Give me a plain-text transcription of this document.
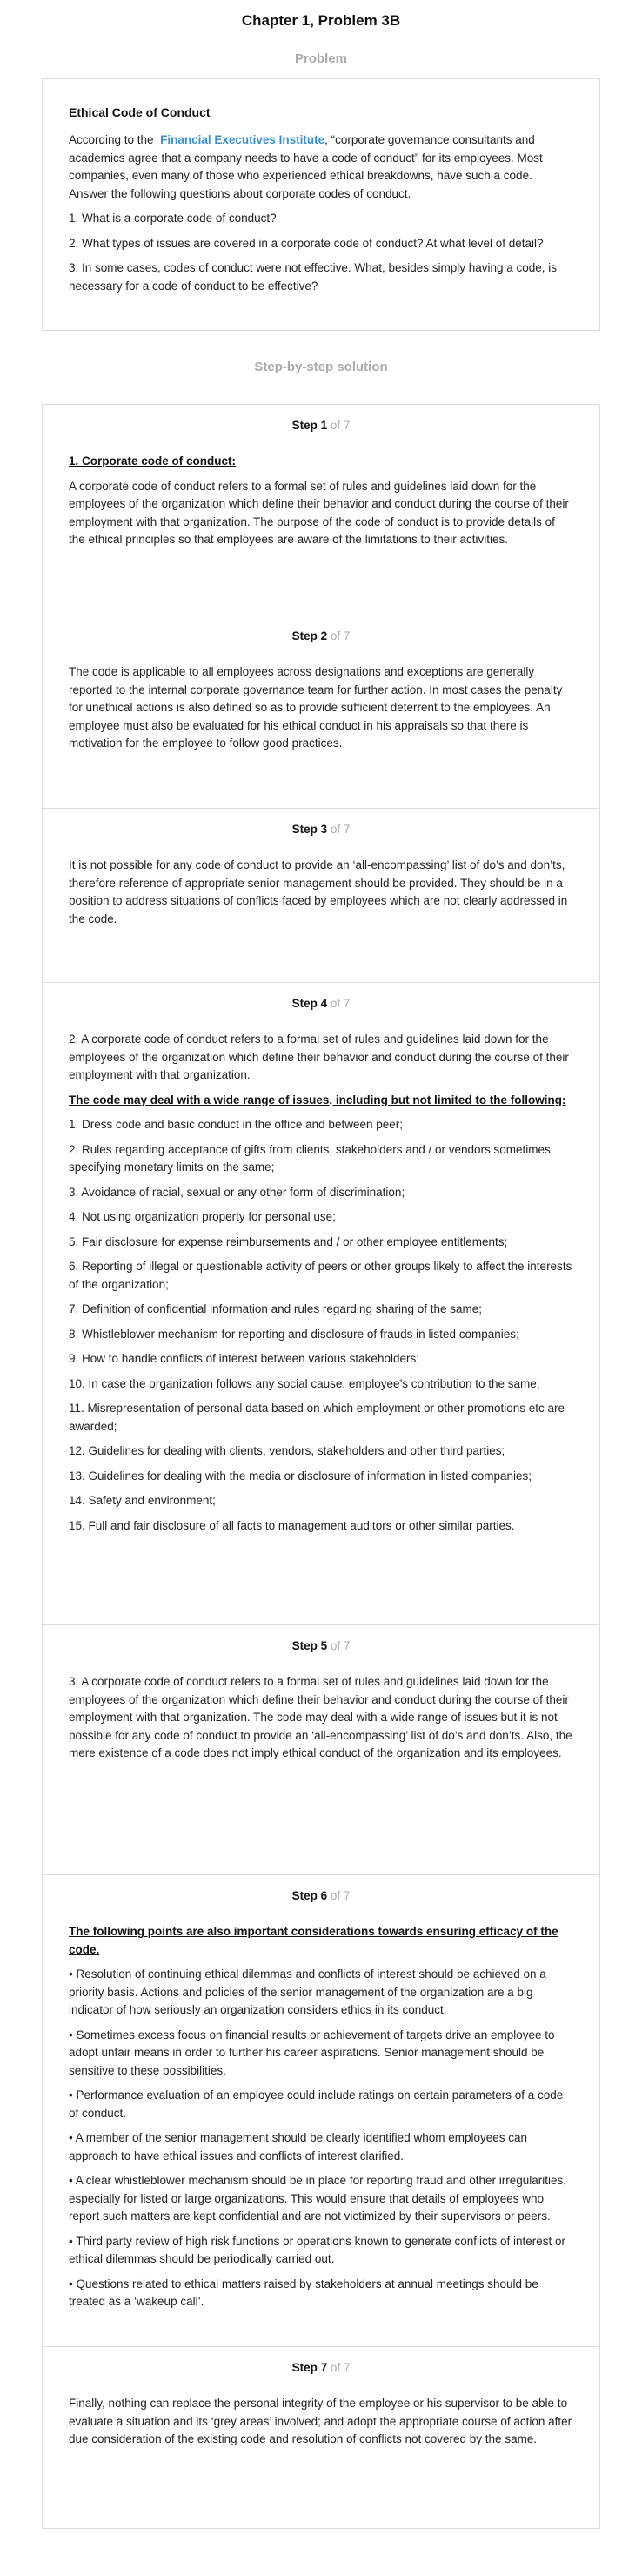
Chapter 1, Problem 3B
Problem
Ethical Code of Conduct

According to the Financial Executives Institute, “corporate governance consultants and academics agree that a company needs to have a code of conduct” for its employees. Most companies, even many of those who experienced ethical breakdowns, have such a code. Answer the following questions about corporate codes of conduct.

1. What is a corporate code of conduct?

2. What types of issues are covered in a corporate code of conduct? At what level of detail?

3. In some cases, codes of conduct were not effective. What, besides simply having a code, is necessary for a code of conduct to be effective?

Step-by-step solution
Step 1 of 7
1. Corporate code of conduct:

A corporate code of conduct refers to a formal set of rules and guidelines laid down for the employees of the organization which define their behavior and conduct during the course of their employment with that organization. The purpose of the code of conduct is to provide details of the ethical principles so that employees are aware of the limitations to their activities.

Step 2 of 7

The code is applicable to all employees across designations and exceptions are generally reported to the internal corporate governance team for further action. In most cases the penalty for unethical actions is also defined so as to provide sufficient deterrent to the employees. An employee must also be evaluated for his ethical conduct in his appraisals so that there is motivation for the employee to follow good practices.

Step 3 of 7

It is not possible for any code of conduct to provide an ‘all-encompassing’ list of do’s and don’ts, therefore reference of appropriate senior management should be provided. They should be in a position to address situations of conflicts faced by employees which are not clearly addressed in the code.

Step 4 of 7

2. A corporate code of conduct refers to a formal set of rules and guidelines laid down for the employees of the organization which define their behavior and conduct during the course of their employment with that organization.

The code may deal with a wide range of issues, including but not limited to the following:

1. Dress code and basic conduct in the office and between peer;

2. Rules regarding acceptance of gifts from clients, stakeholders and / or vendors sometimes specifying monetary limits on the same;

3. Avoidance of racial, sexual or any other form of discrimination;

4. Not using organization property for personal use;

5. Fair disclosure for expense reimbursements and / or other employee entitlements;

6. Reporting of illegal or questionable activity of peers or other groups likely to affect the interests of the organization;

7. Definition of confidential information and rules regarding sharing of the same;

8. Whistleblower mechanism for reporting and disclosure of frauds in listed companies;

9. How to handle conflicts of interest between various stakeholders;

10. In case the organization follows any social cause, employee’s contribution to the same;

11. Misrepresentation of personal data based on which employment or other promotions etc are awarded;

12. Guidelines for dealing with clients, vendors, stakeholders and other third parties;

13. Guidelines for dealing with the media or disclosure of information in listed companies;

14. Safety and environment;

15. Full and fair disclosure of all facts to management auditors or other similar parties.

Step 5 of 7

3. A corporate code of conduct refers to a formal set of rules and guidelines laid down for the employees of the organization which define their behavior and conduct during the course of their employment with that organization. The code may deal with a wide range of issues but it is not possible for any code of conduct to provide an ‘all-encompassing’ list of do’s and don’ts. Also, the mere existence of a code does not imply ethical conduct of the organization and its employees.

Step 6 of 7
The following points are also important considerations towards ensuring efficacy of the code.

• Resolution of continuing ethical dilemmas and conflicts of interest should be achieved on a priority basis. Actions and policies of the senior management of the organization are a big indicator of how seriously an organization considers ethics in its conduct.

• Sometimes excess focus on financial results or achievement of targets drive an employee to adopt unfair means in order to further his career aspirations. Senior management should be sensitive to these possibilities.

• Performance evaluation of an employee could include ratings on certain parameters of a code of conduct.

• A member of the senior management should be clearly identified whom employees can approach to have ethical issues and conflicts of interest clarified.

• A clear whistleblower mechanism should be in place for reporting fraud and other irregularities, especially for listed or large organizations. This would ensure that details of employees who report such matters are kept confidential and are not victimized by their supervisors or peers.

• Third party review of high risk functions or operations known to generate conflicts of interest or ethical dilemmas should be periodically carried out.

• Questions related to ethical matters raised by stakeholders at annual meetings should be treated as a ‘wakeup call’.

Step 7 of 7

Finally, nothing can replace the personal integrity of the employee or his supervisor to be able to evaluate a situation and its ‘grey areas’ involved; and adopt the appropriate course of action after due consideration of the existing code and resolution of conflicts not covered by the same.
